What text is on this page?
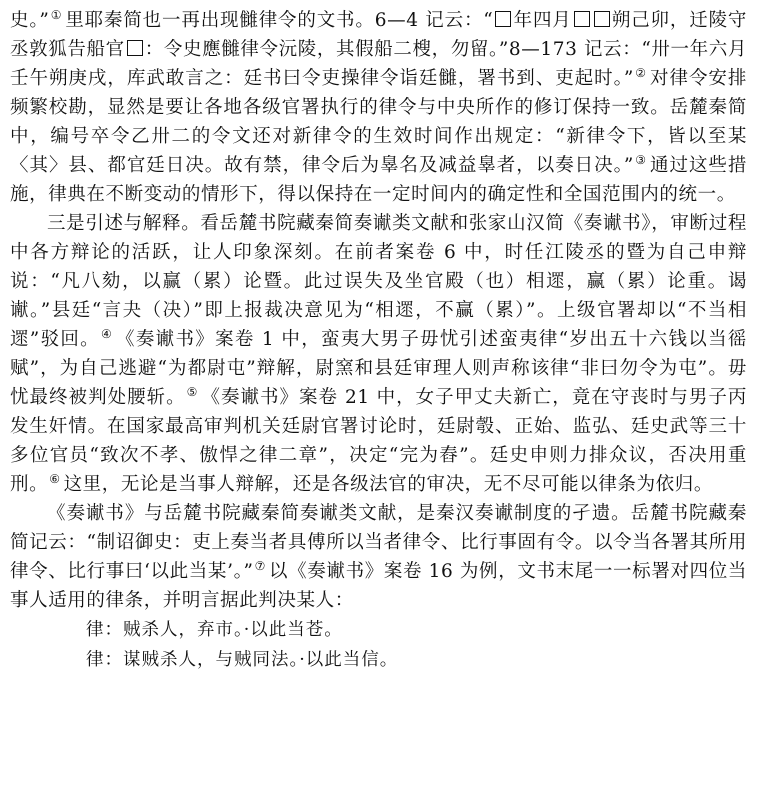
史。”① 里耶秦简也一再出现雠律令的文书。6—4 记云：“ 年四月 朔己卯，迁陵守丞敦狐告船官 ：令史應雠律令沅陵，其假船二㮴，勿留。”8—173 记云：“卅一年六月壬午朔庚戌，库武敢言之：廷书曰令吏操律令诣廷雠，署书到、吏起时。”② 对律令安排频繁校勘，显然是要让各地各级官署执行的律令与中央所作的修订保持一致。岳麓秦简中，编号卒令乙卅二的令文还对新律令的生效时间作出规定：“新律令下，皆以至某〈其〉县、都官廷日决。故有禁，律令后为辠名及减益辠者，以奏日决。”③ 通过这些措施，律典在不断变动的情形下，得以保持在一定时间内的确定性和全国范围内的统一。

三是引述与解释。看岳麓书院藏秦简奏谳类文献和张家山汉简《奏谳书》，审断过程中各方辩论的活跃，让人印象深刻。在前者案卷 6 中，时任江陵丞的暨为自己申辩说：“凡八劾，以赢（累）论暨。此过误失及坐官殿（也）相遝，赢（累）论重。谒谳。”县廷“言夬（决）”即上报裁决意见为“相遝，不赢（累）”。上级官署却以“不当相遝”驳回。④ 《奏谳书》案卷 1 中，蛮夷大男子毋忧引述蛮夷律“岁出五十六钱以当徭赋”，为自己逃避“为都尉屯”辩解，尉窯和县廷审理人则声称该律“非曰勿令为屯”。毋忧最终被判处腰斩。⑤ 《奏谳书》案卷 21 中，女子甲丈夫新亡，竟在守丧时与男子丙发生奸情。在国家最高审判机关廷尉官署讨论时，廷尉彀、正始、监弘、廷史武等三十多位官员“致次不孝、傲悍之律二章”，决定“完为舂”。廷史申则力排众议，否决用重刑。⑥ 这里，无论是当事人辩解，还是各级法官的审决，无不尽可能以律条为依归。

《奏谳书》与岳麓书院藏秦简奏谳类文献，是秦汉奏谳制度的孑遗。岳麓书院藏秦简记云：“制诏御史：吏上奏当者具傅所以当者律令、比行事固有令。以令当各署其所用律令、比行事曰‘以此当某’。”⑦ 以《奏谳书》案卷 16 为例，文书末尾一一标署对四位当事人适用的律条，并明言据此判决某人：

律：贼杀人，弃市。·以此当苍。

律：谋贼杀人，与贼同法。·以此当信。
